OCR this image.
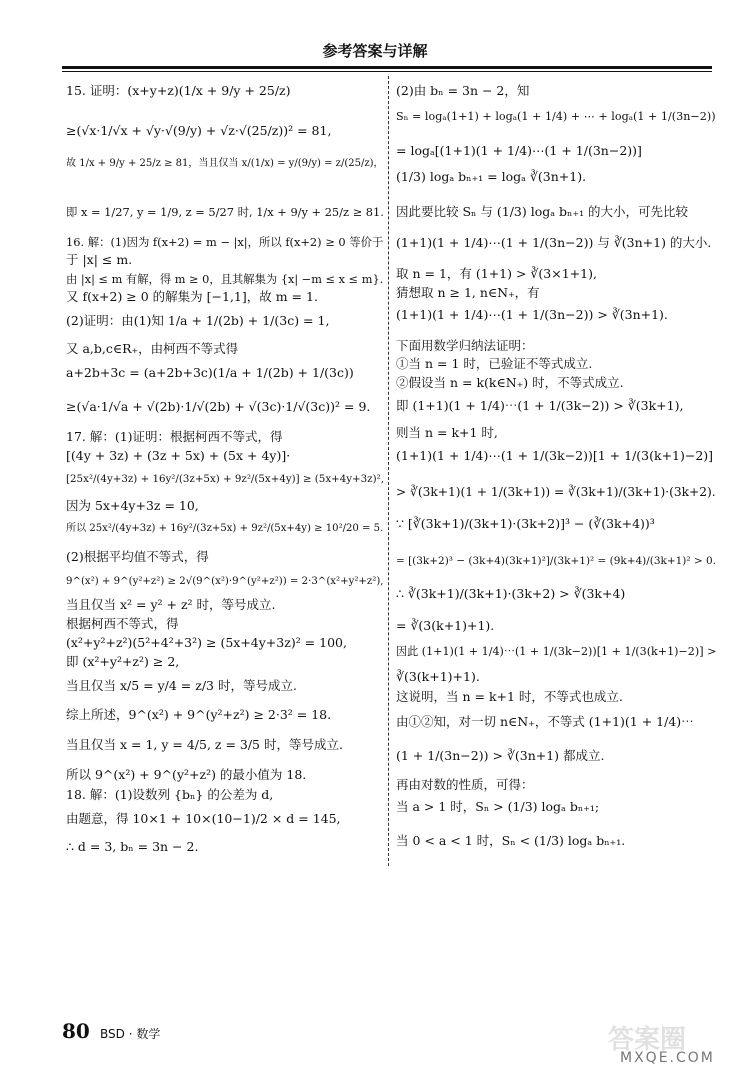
参考答案与详解
15. 证明：(x+y+z)(1/x + 9/y + 25/z)
≥(√x·1/√x + √y·√(9/y) + √z·√(25/z))² = 81,
故 1/x + 9/y + 25/z ≥ 81，当且仅当 x/(1/x) = y/(9/y) = z/(25/z)，
即 x = 1/27, y = 1/9, z = 5/27 时, 1/x + 9/y + 25/z ≥ 81.
16. 解：(1)因为 f(x+2) = m − |x|，所以 f(x+2) ≥ 0 等价于
于 |x| ≤ m.
由 |x| ≤ m 有解，得 m ≥ 0，且其解集为 {x| −m ≤ x ≤ m}.
又 f(x+2) ≥ 0 的解集为 [−1,1]，故 m = 1.
(2)证明：由(1)知 1/a + 1/(2b) + 1/(3c) = 1,
又 a,b,c∈R₊，由柯西不等式得
a+2b+3c = (a+2b+3c)(1/a + 1/(2b) + 1/(3c))
≥(√a·1/√a + √(2b)·1/√(2b) + √(3c)·1/√(3c))² = 9.
17. 解：(1)证明：根据柯西不等式，得
[(4y + 3z) + (3z + 5x) + (5x + 4y)]·
[25x²/(4y+3z) + 16y²/(3z+5x) + 9z²/(5x+4y)] ≥ (5x+4y+3z)²,
因为 5x+4y+3z = 10,
所以 25x²/(4y+3z) + 16y²/(3z+5x) + 9z²/(5x+4y) ≥ 10²/20 = 5.
(2)根据平均值不等式，得
9^(x²) + 9^(y²+z²) ≥ 2√(9^(x²)·9^(y²+z²)) = 2·3^(x²+y²+z²),
当且仅当 x² = y² + z² 时，等号成立.
根据柯西不等式，得
(x²+y²+z²)(5²+4²+3²) ≥ (5x+4y+3z)² = 100,
即 (x²+y²+z²) ≥ 2,
当且仅当 x/5 = y/4 = z/3 时，等号成立.
综上所述，9^(x²) + 9^(y²+z²) ≥ 2·3² = 18.
当且仅当 x = 1, y = 4/5, z = 3/5 时，等号成立.
所以 9^(x²) + 9^(y²+z²) 的最小值为 18.
18. 解：(1)设数列 {bₙ} 的公差为 d,
由题意，得 10×1 + 10×(10−1)/2 × d = 145,
∴ d = 3, bₙ = 3n − 2.
(2)由 bₙ = 3n − 2，知
Sₙ = logₐ(1+1) + logₐ(1 + 1/4) + ⋯ + logₐ(1 + 1/(3n−2))
= logₐ[(1+1)(1 + 1/4)⋯(1 + 1/(3n−2))]
(1/3) logₐ bₙ₊₁ = logₐ ∛(3n+1).
因此要比较 Sₙ 与 (1/3) logₐ bₙ₊₁ 的大小，可先比较
(1+1)(1 + 1/4)⋯(1 + 1/(3n−2)) 与 ∛(3n+1) 的大小.
取 n = 1，有 (1+1) > ∛(3×1+1),
猜想取 n ≥ 1, n∈N₊，有
(1+1)(1 + 1/4)⋯(1 + 1/(3n−2)) > ∛(3n+1).
下面用数学归纳法证明：
①当 n = 1 时，已验证不等式成立.
②假设当 n = k(k∈N₊) 时，不等式成立.
即 (1+1)(1 + 1/4)⋯(1 + 1/(3k−2)) > ∛(3k+1),
则当 n = k+1 时,
(1+1)(1 + 1/4)⋯(1 + 1/(3k−2))[1 + 1/(3(k+1)−2)]
> ∛(3k+1)(1 + 1/(3k+1)) = ∛(3k+1)/(3k+1)·(3k+2).
∵ [∛(3k+1)/(3k+1)·(3k+2)]³ − (∛(3k+4))³
= [(3k+2)³ − (3k+4)(3k+1)²]/(3k+1)² = (9k+4)/(3k+1)² > 0.
∴ ∛(3k+1)/(3k+1)·(3k+2) > ∛(3k+4)
= ∛(3(k+1)+1).
因此 (1+1)(1 + 1/4)⋯(1 + 1/(3k−2))[1 + 1/(3(k+1)−2)] >
∛(3(k+1)+1).
这说明，当 n = k+1 时，不等式也成立.
由①②知，对一切 n∈N₊，不等式 (1+1)(1 + 1/4)⋯
(1 + 1/(3n−2)) > ∛(3n+1) 都成立.
再由对数的性质，可得：
当 a > 1 时，Sₙ > (1/3) logₐ bₙ₊₁;
当 0 < a < 1 时，Sₙ < (1/3) logₐ bₙ₊₁.
80 BSD · 数学	答案圈
MXQE.COM
